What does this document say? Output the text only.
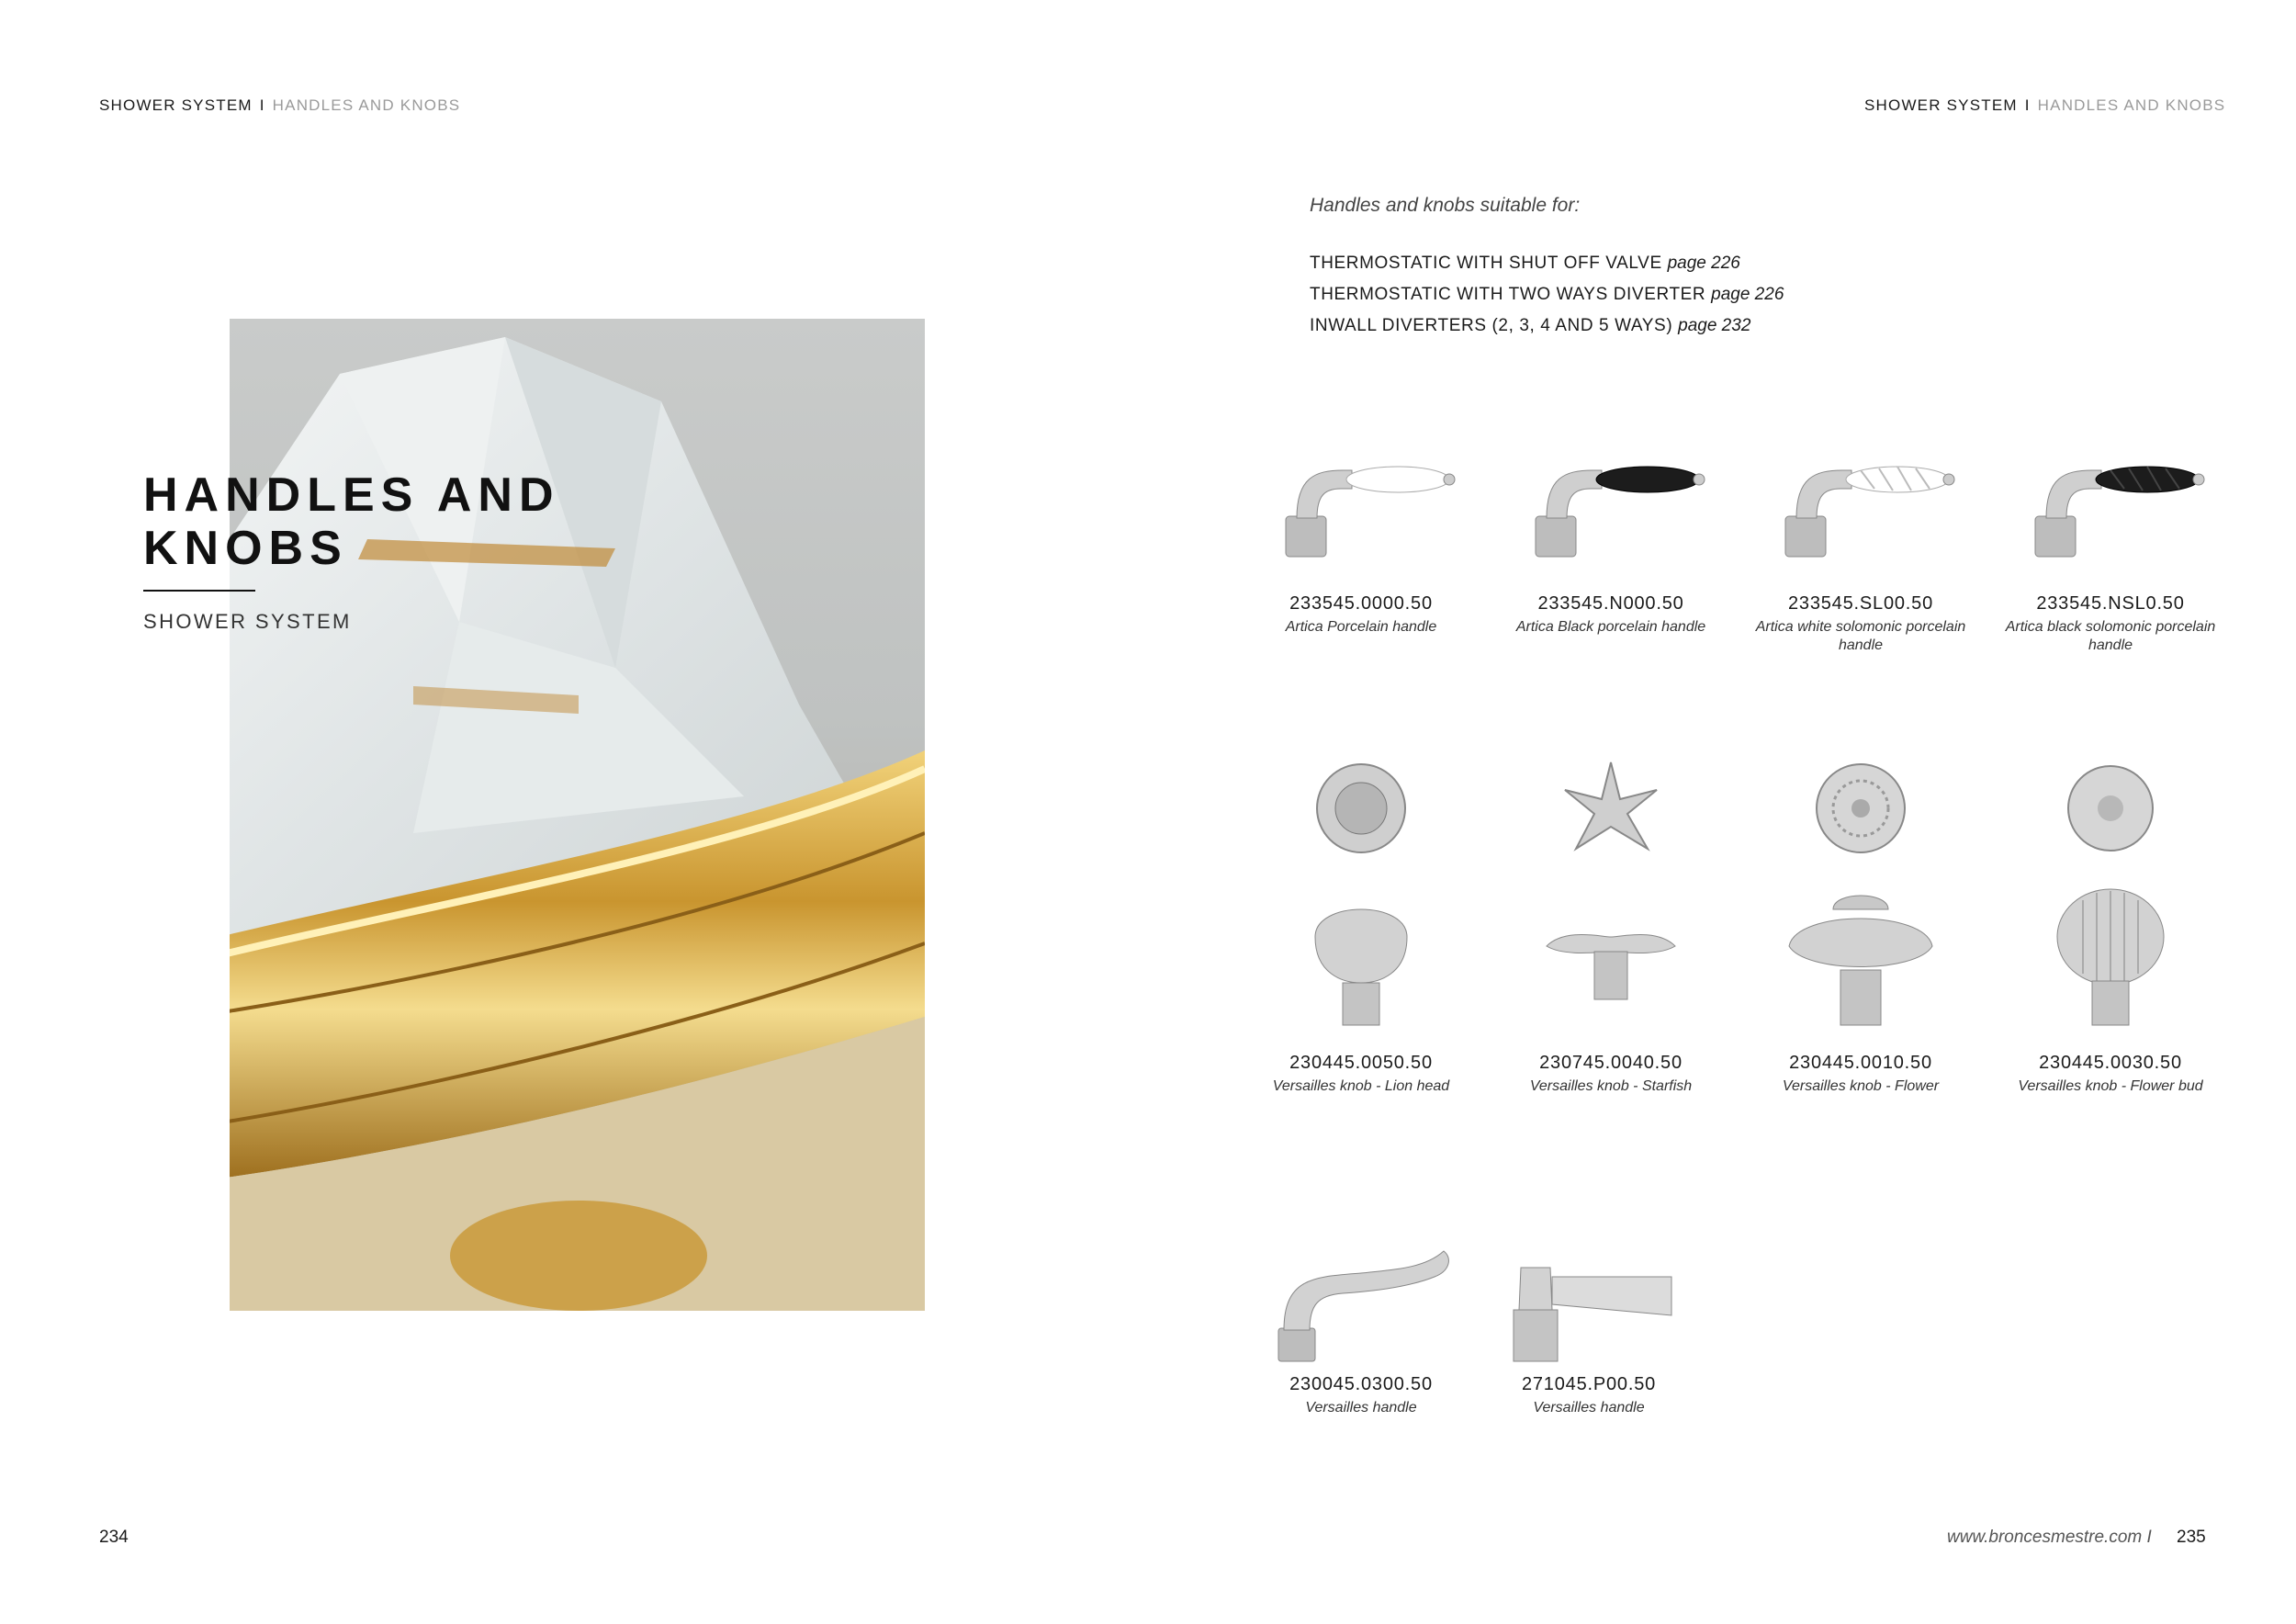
SHOWER SYSTEM I HANDLES AND KNOBS	SHOWER SYSTEM I HANDLES AND KNOBS
HANDLES AND
KNOBS
SHOWER SYSTEM
Handles and knobs suitable for:
THERMOSTATIC WITH SHUT OFF VALVE page 226
THERMOSTATIC WITH TWO WAYS DIVERTER page 226
INWALL DIVERTERS (2, 3, 4 AND 5 WAYS) page 232
233545.0000.50
Artica Porcelain handle
233545.N000.50
Artica Black porcelain handle
233545.SL00.50
Artica white solomonic porcelain handle
233545.NSL0.50
Artica black solomonic porcelain handle
230445.0050.50
Versailles knob - Lion head
230745.0040.50
Versailles knob - Starfish
230445.0010.50
Versailles knob - Flower
230445.0030.50
Versailles knob - Flower bud
230045.0300.50
Versailles handle
271045.P00.50
Versailles handle
234	www.broncesmestre.com I 235
